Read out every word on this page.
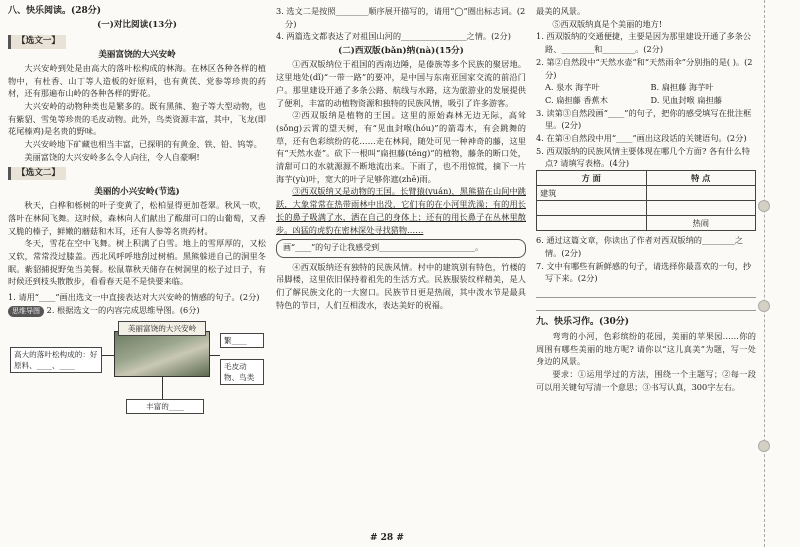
八、快乐阅读。(28分)
(一)对比阅读(13分)
【选文一】
美丽富饶的大兴安岭

大兴安岭到处是由高大的落叶松构成的林海。在林区各种各样的植物中，有杜香、山丁等人造板的好原料，也有黄芪、党参等珍贵的药材，还有那遍布山岭的各种各样的野花。

大兴安岭的动物种类也是繁多的。既有黑熊、狍子等大型动物，也有紫貂、雪兔等珍贵的毛皮动物。此外，鸟类资源丰富，其中，飞龙(即花尾榛鸡)是名贵的野味。

大兴安岭地下矿藏也相当丰富，已探明的有黄金、铁、铅、钨等。

美丽富饶的大兴安岭多么令人向往，令人自豪啊!

【选文二】
美丽的小兴安岭(节选)

秋天，白桦和栎树的叶子变黄了，松柏显得更加苍翠。秋风一吹，落叶在林间飞舞。这时候，森林向人们献出了酸甜可口的山葡萄，又香又脆的榛子，鲜嫩的蘑菇和木耳，还有人参等名贵药材。

冬天，雪花在空中飞舞。树上积满了白雪。地上的雪厚厚的，又松又软，常常没过膝盖。西北风呼呼地刮过树梢。黑熊躲进自己的洞里冬眠。紫貂捕捉野兔当美餐。松鼠靠秋天储存在树洞里的松子过日子，有时候还到枝头散散步，看看春天是不是快要来临。

1. 请用“____”画出选文一中直接表达对大兴安岭的情感的句子。(2分)
思维导图 2. 根据选文一的内容完成思维导图。(6分)
高大的落叶松构成的：好原料、____、____
美丽富饶的大兴安岭
繁____
毛皮动物、鸟类
丰富的____
3. 选文二是按照________顺序展开描写的，请用“◯”圈出标志词。(2分)
4. 两篇选文都表达了对祖国山河的________________之情。(2分)
(二)西双版(bǎn)纳(nà)(15分)

①西双版纳位于祖国的西南边陲，是傣族等多个民族的聚居地。这里地处(dǐ)“一带一路”的要冲，是中国与东南亚国家交流的前沿门户。那里建设开通了多条公路、航线与水路，这为旅游业的发展提供了便利，丰富的动植物资源和独特的民族风情，吸引了许多游客。

②西双版纳是植物的王国。这里的原始森林无边无际，高耸(sǒng)云霄的望天树，有“见血封喉(hóu)”的箭毒木，有会跳舞的草，还有色彩缤纷的花……走在林间，随处可见一种神奇的藤，这里有“天然水壶”。砍下一根叫“扁担藤(téng)”的植物，藤条的断口处，清甜可口的水就源源不断地流出来。下雨了，也不用惊慌，摘下一片海芋(yù)叶，宽大的叶子足够你遮(zhē)雨。

③西双版纳又是动物的王国。长臂猿(yuán)，黑熊猫在山间中跳跃，大象常常在热带雨林中出没，它们有的在小河里洗澡；有的用长长的鼻子吸满了水，洒在自己的身体上；还有的用长鼻子在丛林里散步。凶猛的虎豹在密林深处寻找猎物……

画“____”的句子让我感受到________________________。

④西双版纳还有独特的民族风情。村中的建筑别有特色，竹楼的吊脚楼，这里依旧保持着祖先的生活方式。民族服装纹样精美，是人们了解民族文化的一大窗口。民族节日更是热闹，其中泼水节是最具特色的节日，人们互相泼水，表达美好的祝福。

最美的风景。

⑤西双版纳真是个美丽的地方!

1. 西双版纳的交通便捷，主要是因为那里建设开通了多条公路、________和________。(2分)
2. 第②自然段中“天然水壶”和“天然雨伞”分别指的是( )。(2分)
A. 泉水 海芋叶	B. 扁担藤 海芋叶
C. 扁担藤 香蕉木	D. 见血封喉 扁担藤
3. 读第③自然段画“____”的句子，把你的感受填写在批注框里。(2分)
4. 在第④自然段中用“____”画出这段话的关键语句。(2分)
5. 西双版纳的民族风情主要体现在哪几个方面? 各有什么特点? 请填写表格。(4分)
方 面	特 点
建筑	

	热闹
6. 通过这篇文章，你读出了作者对西双版纳的________之情。(2分)
7. 文中有哪些有新鲜感的句子，请选择你最喜欢的一句，抄写下来。(2分)
九、快乐习作。(30分)

弯弯的小河，色彩缤纷的花园，美丽的苹果园……你的周围有哪些美丽的地方呢? 请你以“这儿真美”为题，写一处身边的风景。

要求：①运用学过的方法，围绕一个主题写；②每一段可以用关键句写清一个意思；③书写认真，300字左右。

# 28 #
